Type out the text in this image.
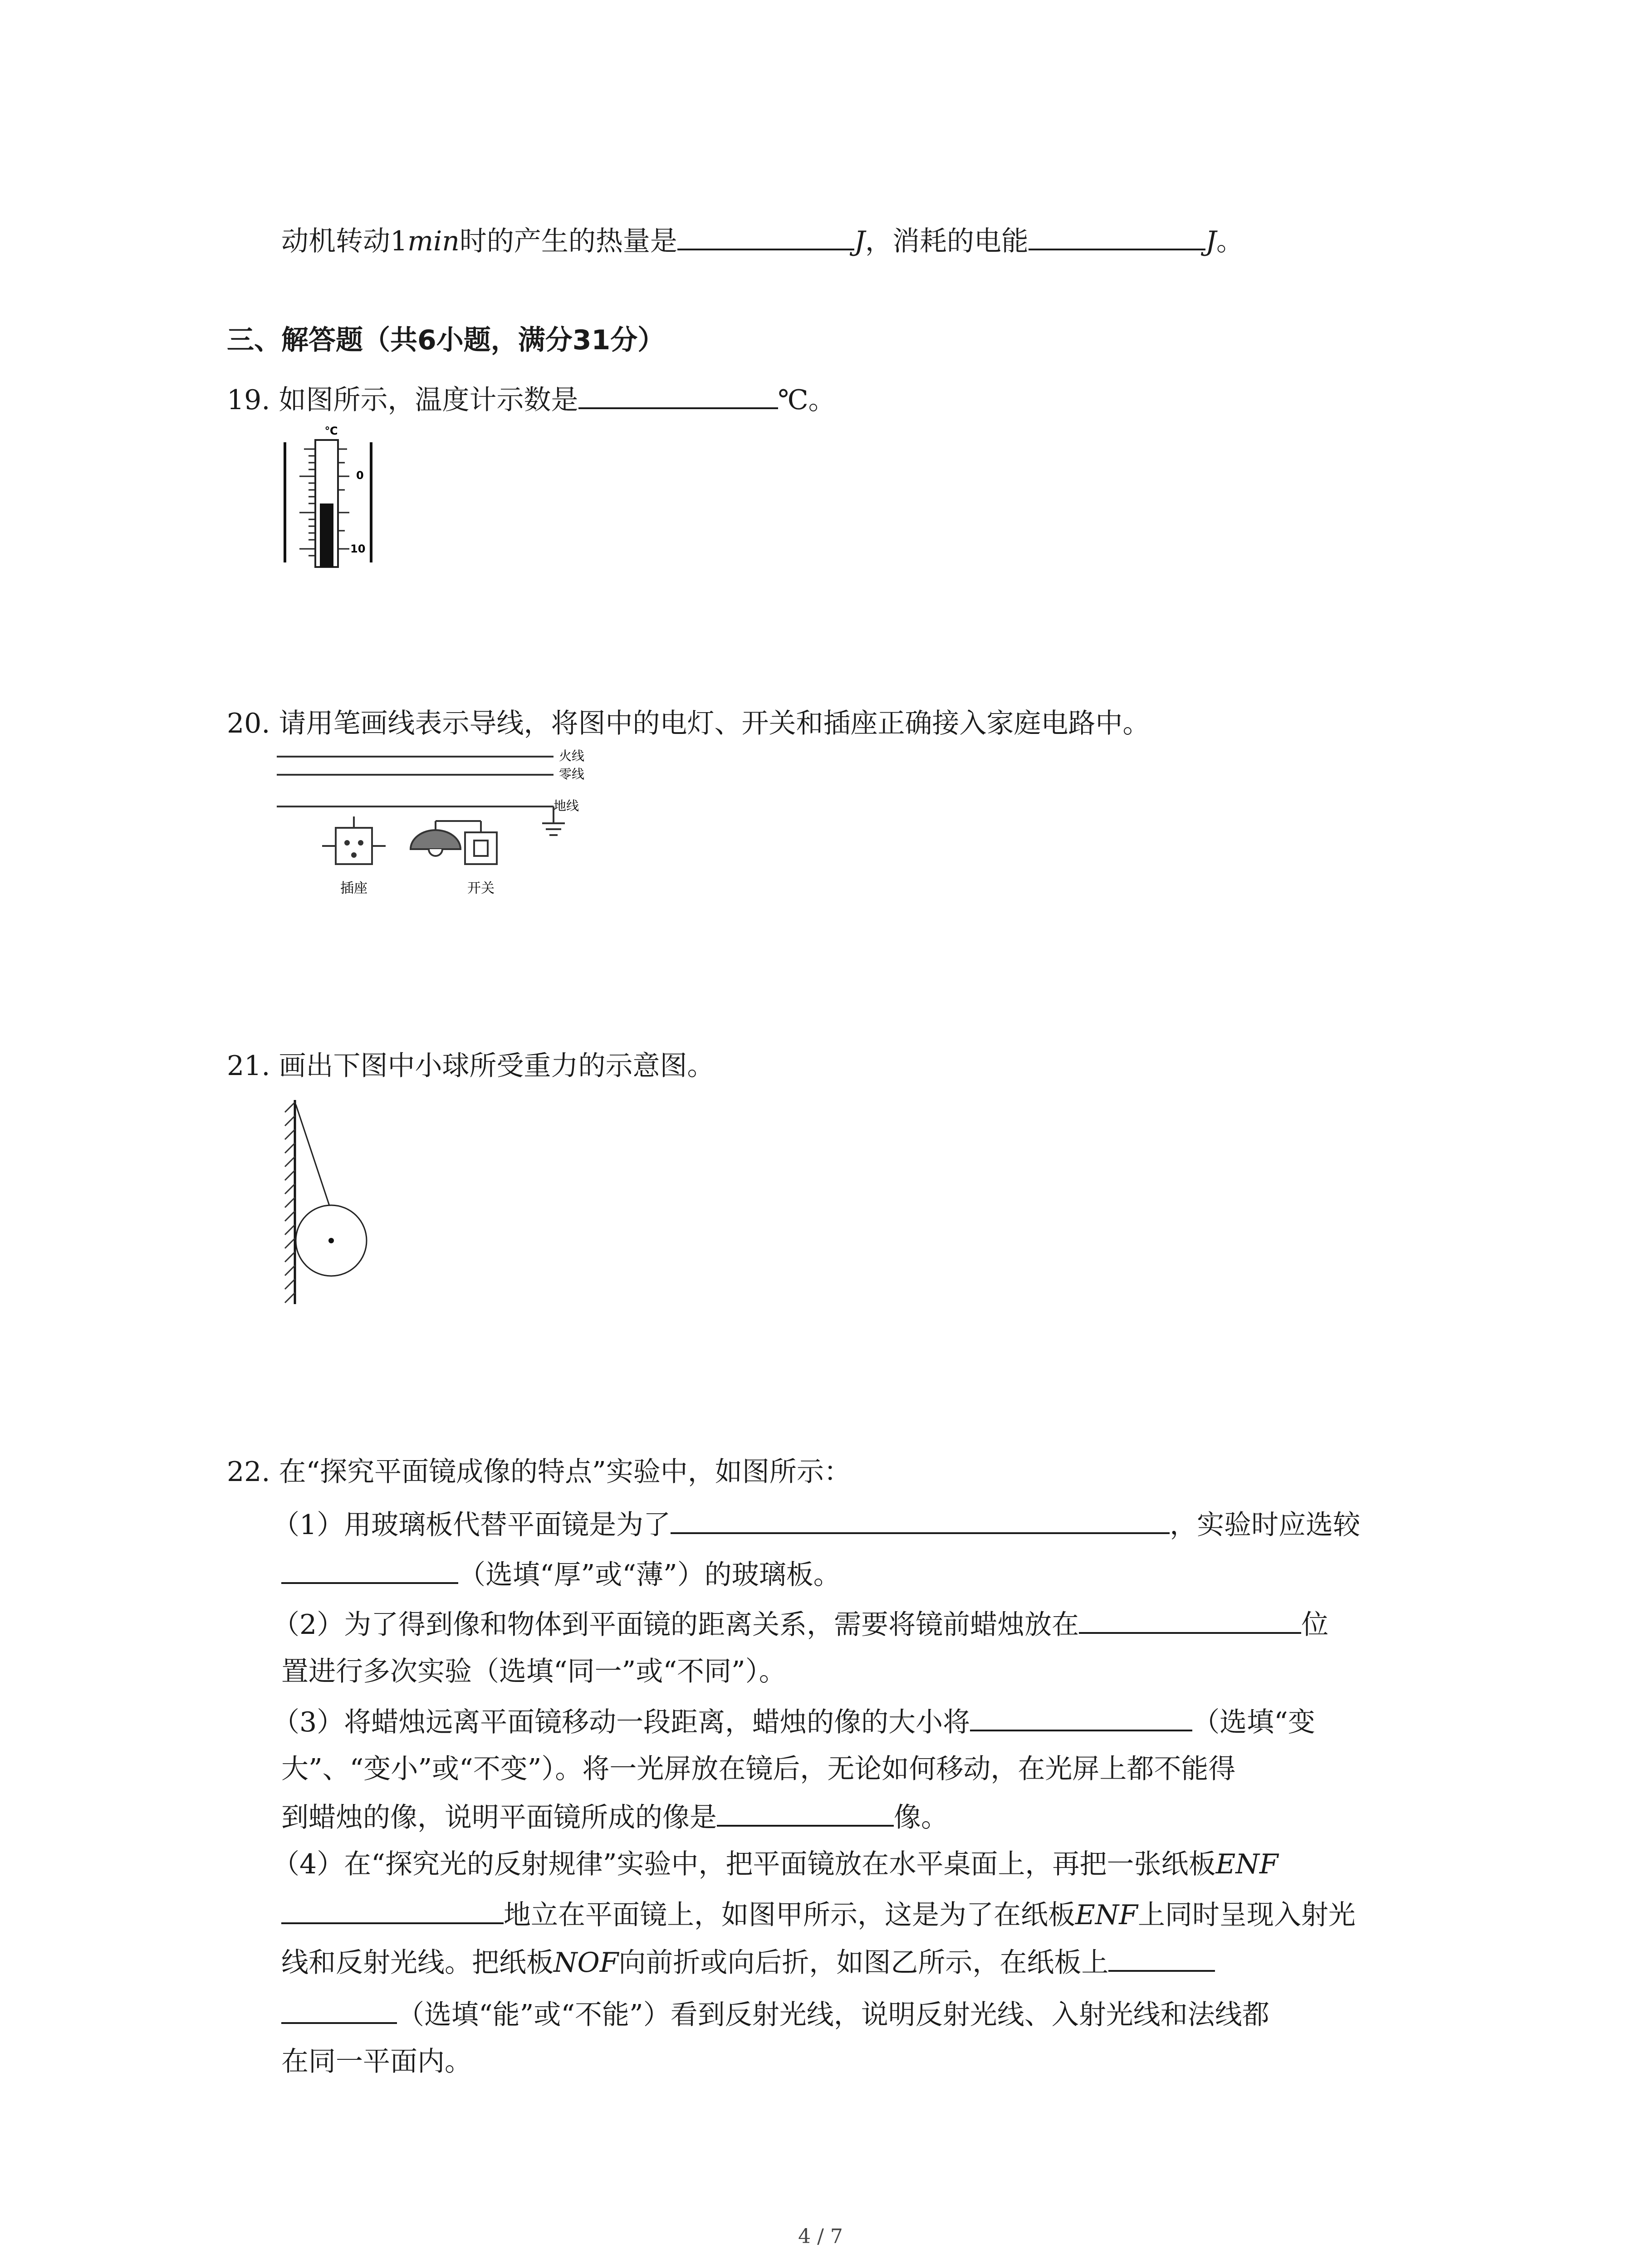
动机转动1min时的产生的热量是	J，消耗的电能	J。
三、解答题（共6小题，满分31分）
19. 如图所示，温度计示数是	℃。
℃
0
10
20. 请用笔画线表示导线，将图中的电灯、开关和插座正确接入家庭电路中。
火线
零线
地线
插座	开关
21. 画出下图中小球所受重力的示意图。
22. 在“探究平面镜成像的特点”实验中，如图所示：
（1）用玻璃板代替平面镜是为了	，实验时应选较
（选填“厚”或“薄”）的玻璃板。
（2）为了得到像和物体到平面镜的距离关系，需要将镜前蜡烛放在	位
置进行多次实验（选填“同一”或“不同”）。
（3）将蜡烛远离平面镜移动一段距离，蜡烛的像的大小将	（选填“变
大”、“变小”或“不变”）。将一光屏放在镜后，无论如何移动，在光屏上都不能得
到蜡烛的像，说明平面镜所成的像是	像。
（4）在“探究光的反射规律”实验中，把平面镜放在水平桌面上，再把一张纸板ENF
地立在平面镜上，如图甲所示，这是为了在纸板ENF上同时呈现入射光
线和反射光线。把纸板NOF向前折或向后折，如图乙所示，在纸板上
（选填“能”或“不能”）看到反射光线，说明反射光线、入射光线和法线都
在同一平面内。
4 / 7
